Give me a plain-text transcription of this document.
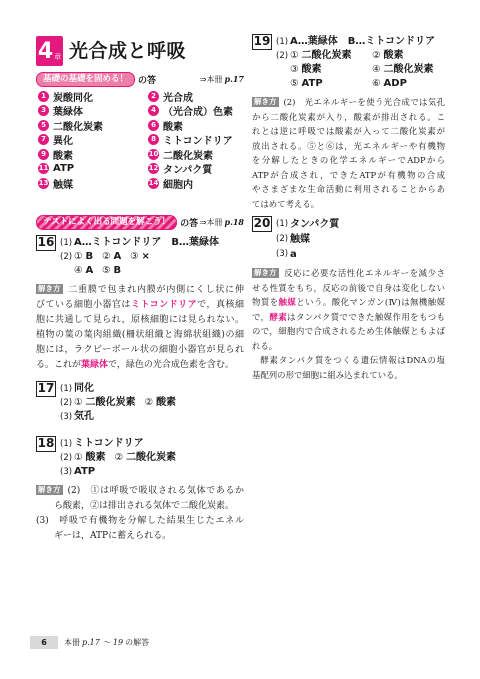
4 章 光合成と呼吸
基礎の基礎を固める！	の答	⇒本冊 p.17
1 炭酸同化	2 光合成
3 葉緑体	4 （光合成）色素
5 二酸化炭素	6 酸素
7 異化	8 ミトコンドリア
9 酸素	10 二酸化炭素
11 ATP	12 タンパク質
13 触媒	14 細胞内
テストによく出る問題を解こう！	の答 ⇒本冊 p.18
16 (1) A…ミトコンドリア　B…葉緑体
(2) ① B ② A ③ ×
④ A ⑤ B
解き方 二重膜で包まれ内膜が内側にくし状に伸
びている細胞小器官はミトコンドリアで，真核細
胞に共通して見られ，原核細胞には見られない。
植物の葉の葉肉組織(柵状組織と海綿状組織)の細
胞には，ラクビーボール状の細胞小器官が見られ
る。これが葉緑体で，緑色の光合成色素を含む。
17 (1) 同化
(2) ① 二酸化炭素 ② 酸素
(3) 気孔
18 (1) ミトコンドリア
(2) ① 酸素 ② 二酸化炭素
(3) ATP
解き方 (2)　①は呼吸で吸収される気体であるか
ら酸素，②は排出される気体で二酸化炭素。
(3)　呼吸で有機物を分解した結果生じたエネル
ギーは，ATPに蓄えられる。
19 (1) A…葉緑体　B…ミトコンドリア
(2) ① 二酸化炭素 ② 酸素
③ 酸素	④ 二酸化炭素
⑤ ATP	⑥ ADP
解き方 (2)　光エネルギーを使う光合成では気孔
から二酸化炭素が入り，酸素が排出される。こ
れとは逆に呼吸では酸素が入って二酸化炭素が
放出される。⑤と⑥は，光エネルギーや有機物
を分解したときの化学エネルギーでADPから
ATPが合成され，できたATPが有機物の合成
やさまざまな生命活動に利用されることからあ
てはめて考える。
20 (1) タンパク質
(2) 触媒
(3) a
解き方 反応に必要な活性化エネルギーを減少さ
せる性質をもち，反応の前後で自身は変化しない
物質を触媒という。酸化マンガン(Ⅳ)は無機触媒
で，酵素はタンパク質でできた触媒作用をもつも
ので，細胞内で合成されるため生体触媒ともよば
れる。
酵素タンパク質をつくる遺伝情報はDNAの塩
基配列の形で細胞に組み込まれている。
6	本冊 p.17 ～ 19 の解答
